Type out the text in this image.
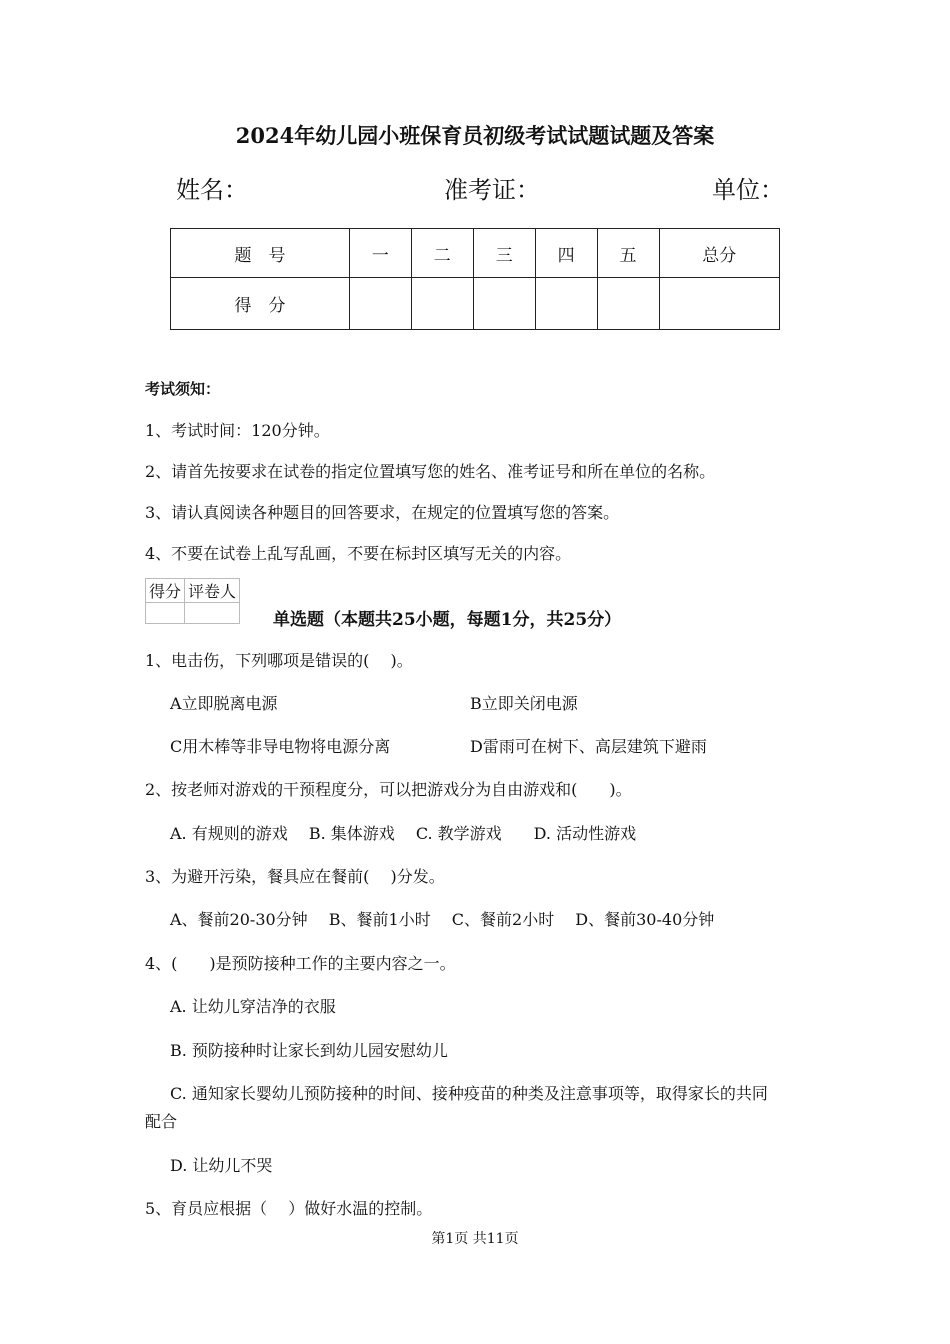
2024年幼儿园小班保育员初级考试试题试题及答案
姓名：	准考证：	单位：
题　号	一	二	三	四	五	总分
得　分						
考试须知：
1、考试时间：120分钟。
2、请首先按要求在试卷的指定位置填写您的姓名、准考证号和所在单位的名称。
3、请认真阅读各种题目的回答要求，在规定的位置填写您的答案。
4、不要在试卷上乱写乱画，不要在标封区填写无关的内容。
得分	评卷人

单选题（本题共25小题，每题1分，共25分）
1、电击伤，下列哪项是错误的(　 )。
A立即脱离电源	B立即关闭电源
C用木棒等非导电物将电源分离	D雷雨可在树下、高层建筑下避雨
2、按老师对游戏的干预程度分，可以把游戏分为自由游戏和(　　)。
A. 有规则的游戏　 B. 集体游戏　 C. 教学游戏　　D. 活动性游戏
3、为避开污染，餐具应在餐前(　 )分发。
A、餐前20-30分钟　 B、餐前1小时　 C、餐前2小时　 D、餐前30-40分钟
4、(　　)是预防接种工作的主要内容之一。
A. 让幼儿穿洁净的衣服
B. 预防接种时让家长到幼儿园安慰幼儿
C. 通知家长婴幼儿预防接种的时间、接种疫苗的种类及注意事项等，取得家长的共同
配合
D. 让幼儿不哭
5、育员应根据（　 ）做好水温的控制。
第1页 共11页
